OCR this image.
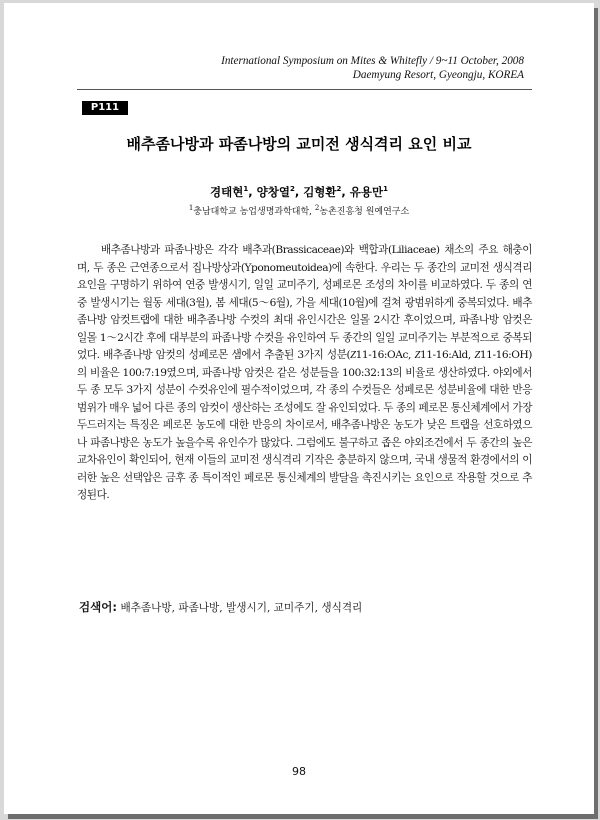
International Symposium on Mites & Whitefly / 9~11 October, 2008
Daemyung Resort, Gyeongju, KOREA
P111
배추좀나방과 파좀나방의 교미전 생식격리 요인 비교
경태현$^1$, 양창열$^2$, 김형환$^2$, 유용만$^1$
$^1$충남대학교 농업생명과학대학, $^2$농촌진흥청 원예연구소

배추좀나방과 파좀나방은 각각 배추과(Brassicaceae)와 백합과(Liliaceae) 채소의 주요 해충이며, 두 종은 근연종으로서 집나방상과(Yponomeutoidea)에 속한다. 우리는 두 종간의 교미전 생식격리 요인을 구명하기 위하여 연중 발생시기, 일일 교미주기, 성페로몬 조성의 차이를 비교하였다. 두 종의 연중 발생시기는 월동 세대(3월), 봄 세대(5～6월), 가을 세대(10월)에 걸쳐 광범위하게 중복되었다. 배추좀나방 암컷트랩에 대한 배추좀나방 수컷의 최대 유인시간은 일몰 2시간 후이었으며, 파좀나방 암컷은 일몰 1～2시간 후에 대부분의 파좀나방 수컷을 유인하여 두 종간의 일일 교미주기는 부분적으로 중복되었다. 배추좀나방 암컷의 성페로몬 샘에서 추출된 3가지 성분(Z11-16:OAc, Z11-16:Ald, Z11-16:OH)의 비율은 100:7:19였으며, 파좀나방 암컷은 같은 성분들을 100:32:13의 비율로 생산하였다. 야외에서 두 종 모두 3가지 성분이 수컷유인에 필수적이었으며, 각 종의 수컷들은 성페로몬 성분비율에 대한 반응범위가 매우 넓어 다른 종의 암컷이 생산하는 조성에도 잘 유인되었다. 두 종의 페로몬 통신체계에서 가장 두드러지는 특징은 페로몬 농도에 대한 반응의 차이로서, 배추좀나방은 농도가 낮은 트랩을 선호하였으나 파좀나방은 농도가 높을수록 유인수가 많았다. 그럼에도 불구하고 좁은 야외조건에서 두 종간의 높은 교차유인이 확인되어, 현재 이들의 교미전 생식격리 기작은 충분하지 않으며, 국내 생물적 환경에서의 이러한 높은 선택압은 금후 종 특이적인 페로몬 통신체계의 발달을 촉진시키는 요인으로 작용할 것으로 추정된다.

검색어: 배추좀나방, 파좀나방, 발생시기, 교미주기, 생식격리
98
